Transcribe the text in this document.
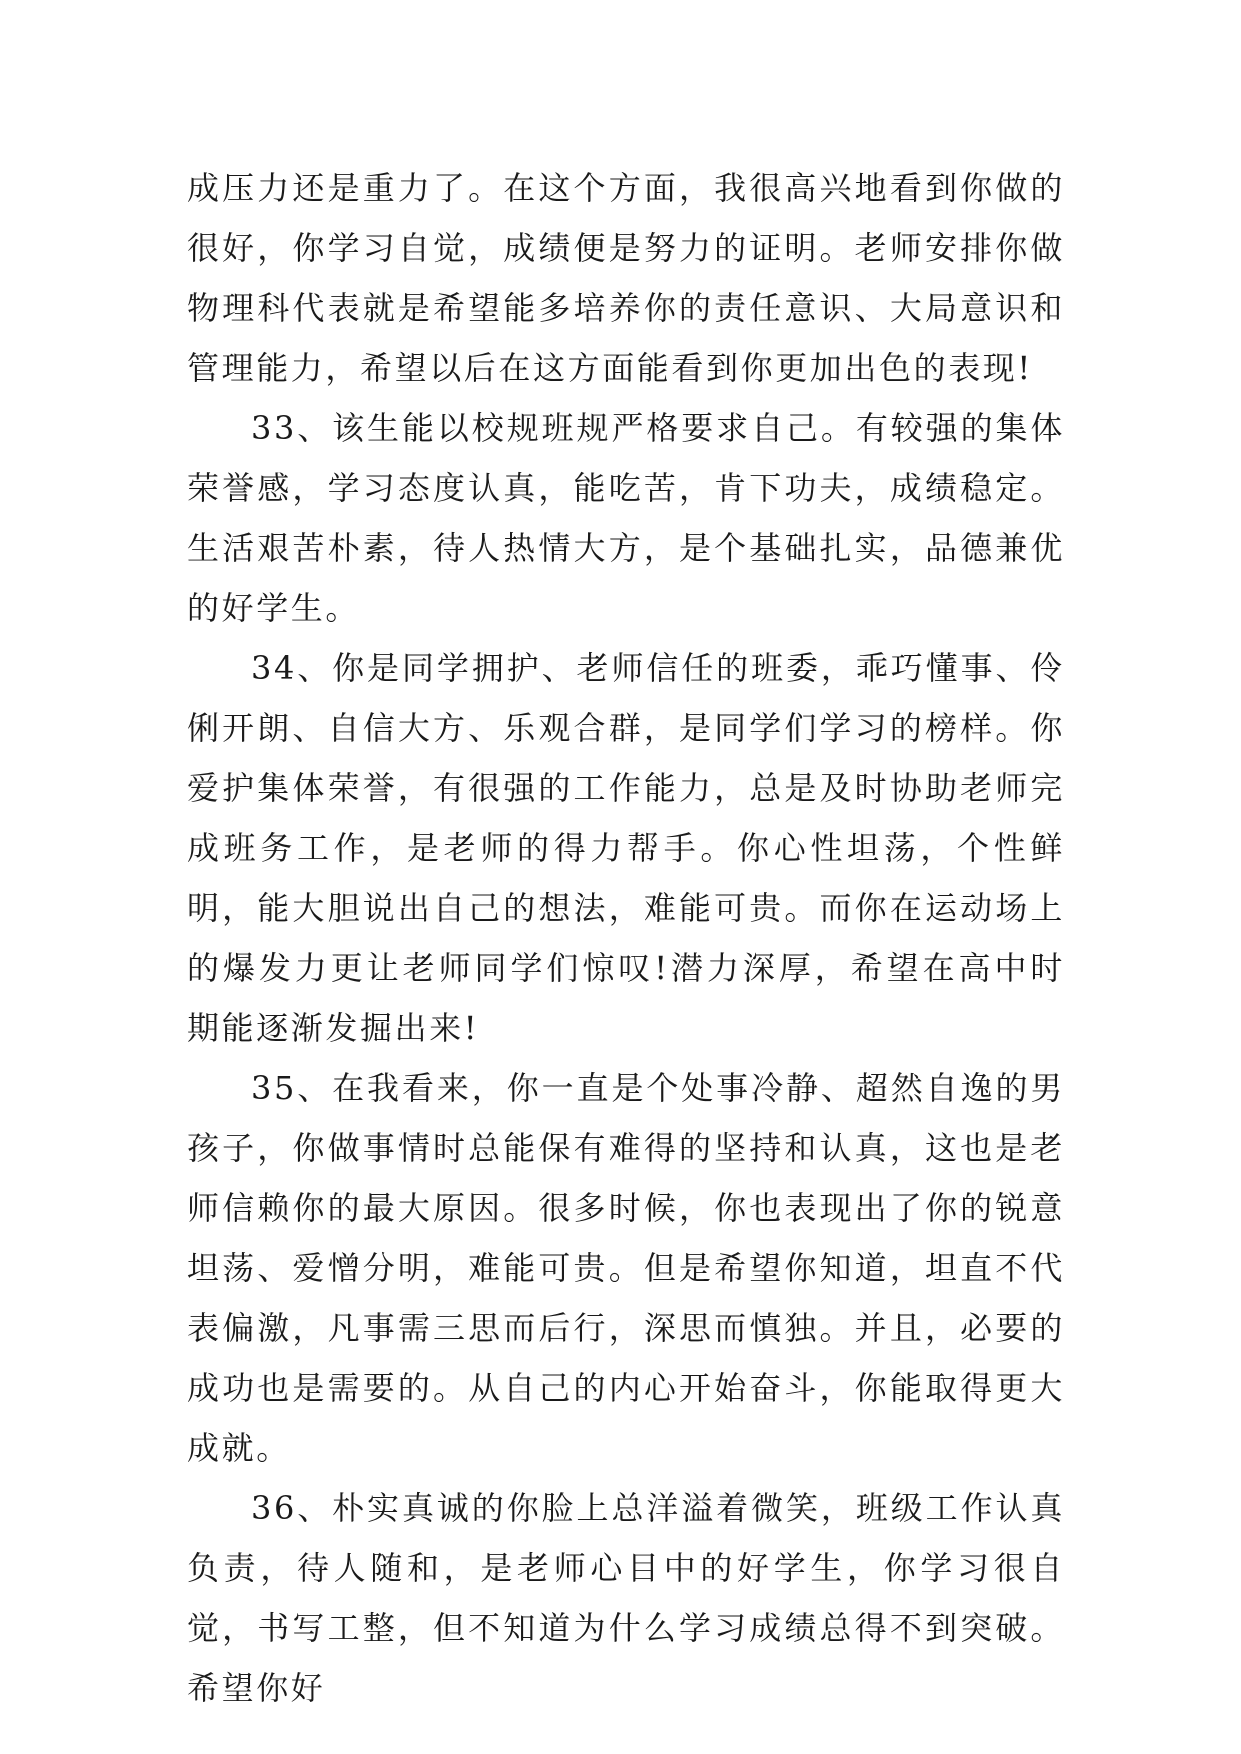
成压力还是重力了。在这个方面，我很高兴地看到你做的很好，你学习自觉，成绩便是努力的证明。老师安排你做物理科代表就是希望能多培养你的责任意识、大局意识和管理能力，希望以后在这方面能看到你更加出色的表现!

33、该生能以校规班规严格要求自己。有较强的集体荣誉感，学习态度认真，能吃苦，肯下功夫，成绩稳定。生活艰苦朴素，待人热情大方，是个基础扎实，品德兼优的好学生。

34、你是同学拥护、老师信任的班委，乖巧懂事、伶俐开朗、自信大方、乐观合群，是同学们学习的榜样。你爱护集体荣誉，有很强的工作能力，总是及时协助老师完成班务工作，是老师的得力帮手。你心性坦荡，个性鲜明，能大胆说出自己的想法，难能可贵。而你在运动场上的爆发力更让老师同学们惊叹!潜力深厚，希望在高中时期能逐渐发掘出来!

35、在我看来，你一直是个处事冷静、超然自逸的男孩子，你做事情时总能保有难得的坚持和认真，这也是老师信赖你的最大原因。很多时候，你也表现出了你的锐意坦荡、爱憎分明，难能可贵。但是希望你知道，坦直不代表偏激，凡事需三思而后行，深思而慎独。并且，必要的成功也是需要的。从自己的内心开始奋斗，你能取得更大成就。

36、朴实真诚的你脸上总洋溢着微笑，班级工作认真负责，待人随和，是老师心目中的好学生，你学习很自觉，书写工整，但不知道为什么学习成绩总得不到突破。希望你好
